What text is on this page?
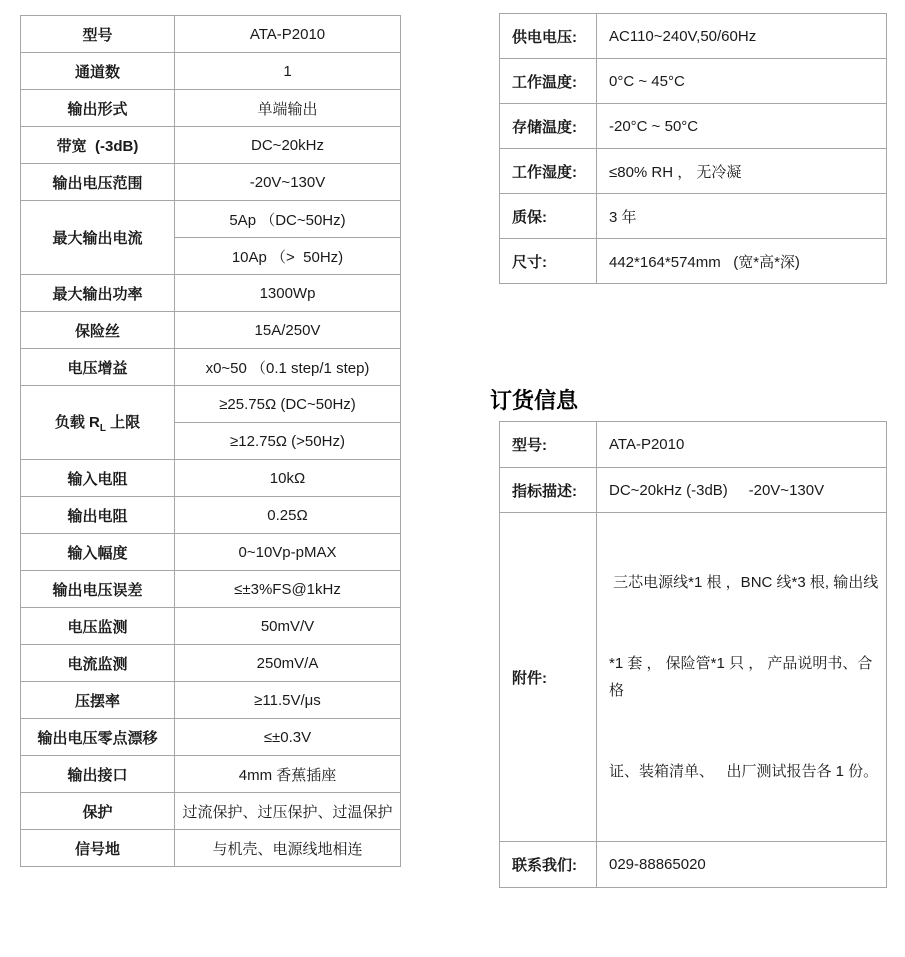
型号	ATA-P2010
通道数	1
输出形式	单端输出
带宽  (-3dB)	DC~20kHz
输出电压范围	-20V~130V
最大输出电流	5Ap （DC~50Hz)
	10Ap （>  50Hz)
最大输出功率	1300Wp
保险丝	15A/250V
电压增益	x0~50 （0.1 step/1 step)
负载 $R_L$ 上限	≥25.75Ω (DC~50Hz)
	≥12.75Ω (>50Hz)
输入电阻	10kΩ
输出电阻	0.25Ω
输入幅度	0~10Vp-pMAX
输出电压误差	≤±3%FS@1kHz
电压监测	50mV/V
电流监测	250mV/A
压摆率	≥11.5V/μs
输出电压零点漂移	≤±0.3V
输出接口	4mm 香蕉插座
保护	过流保护、过压保护、过温保护
信号地	与机壳、电源线地相连
供电电压:	AC110~240V,50/60Hz
工作温度:	0°C ~ 45°C
存储温度:	-20°C ~ 50°C
工作湿度:	≤80% RH ， 无冷凝
质保:	3 年
尺寸:	442*164*574mm   (宽*高*深)
订货信息
型号:	ATA-P2010
指标描述:	DC~20kHz (-3dB)     -20V~130V
附件:	三芯电源线*1 根 ，BNC 线*3 根, 输出线

*1 套 ， 保险管*1 只 ， 产品说明书、合格

证、装箱清单、   出厂测试报告各 1 份。

联系我们:	029-88865020
